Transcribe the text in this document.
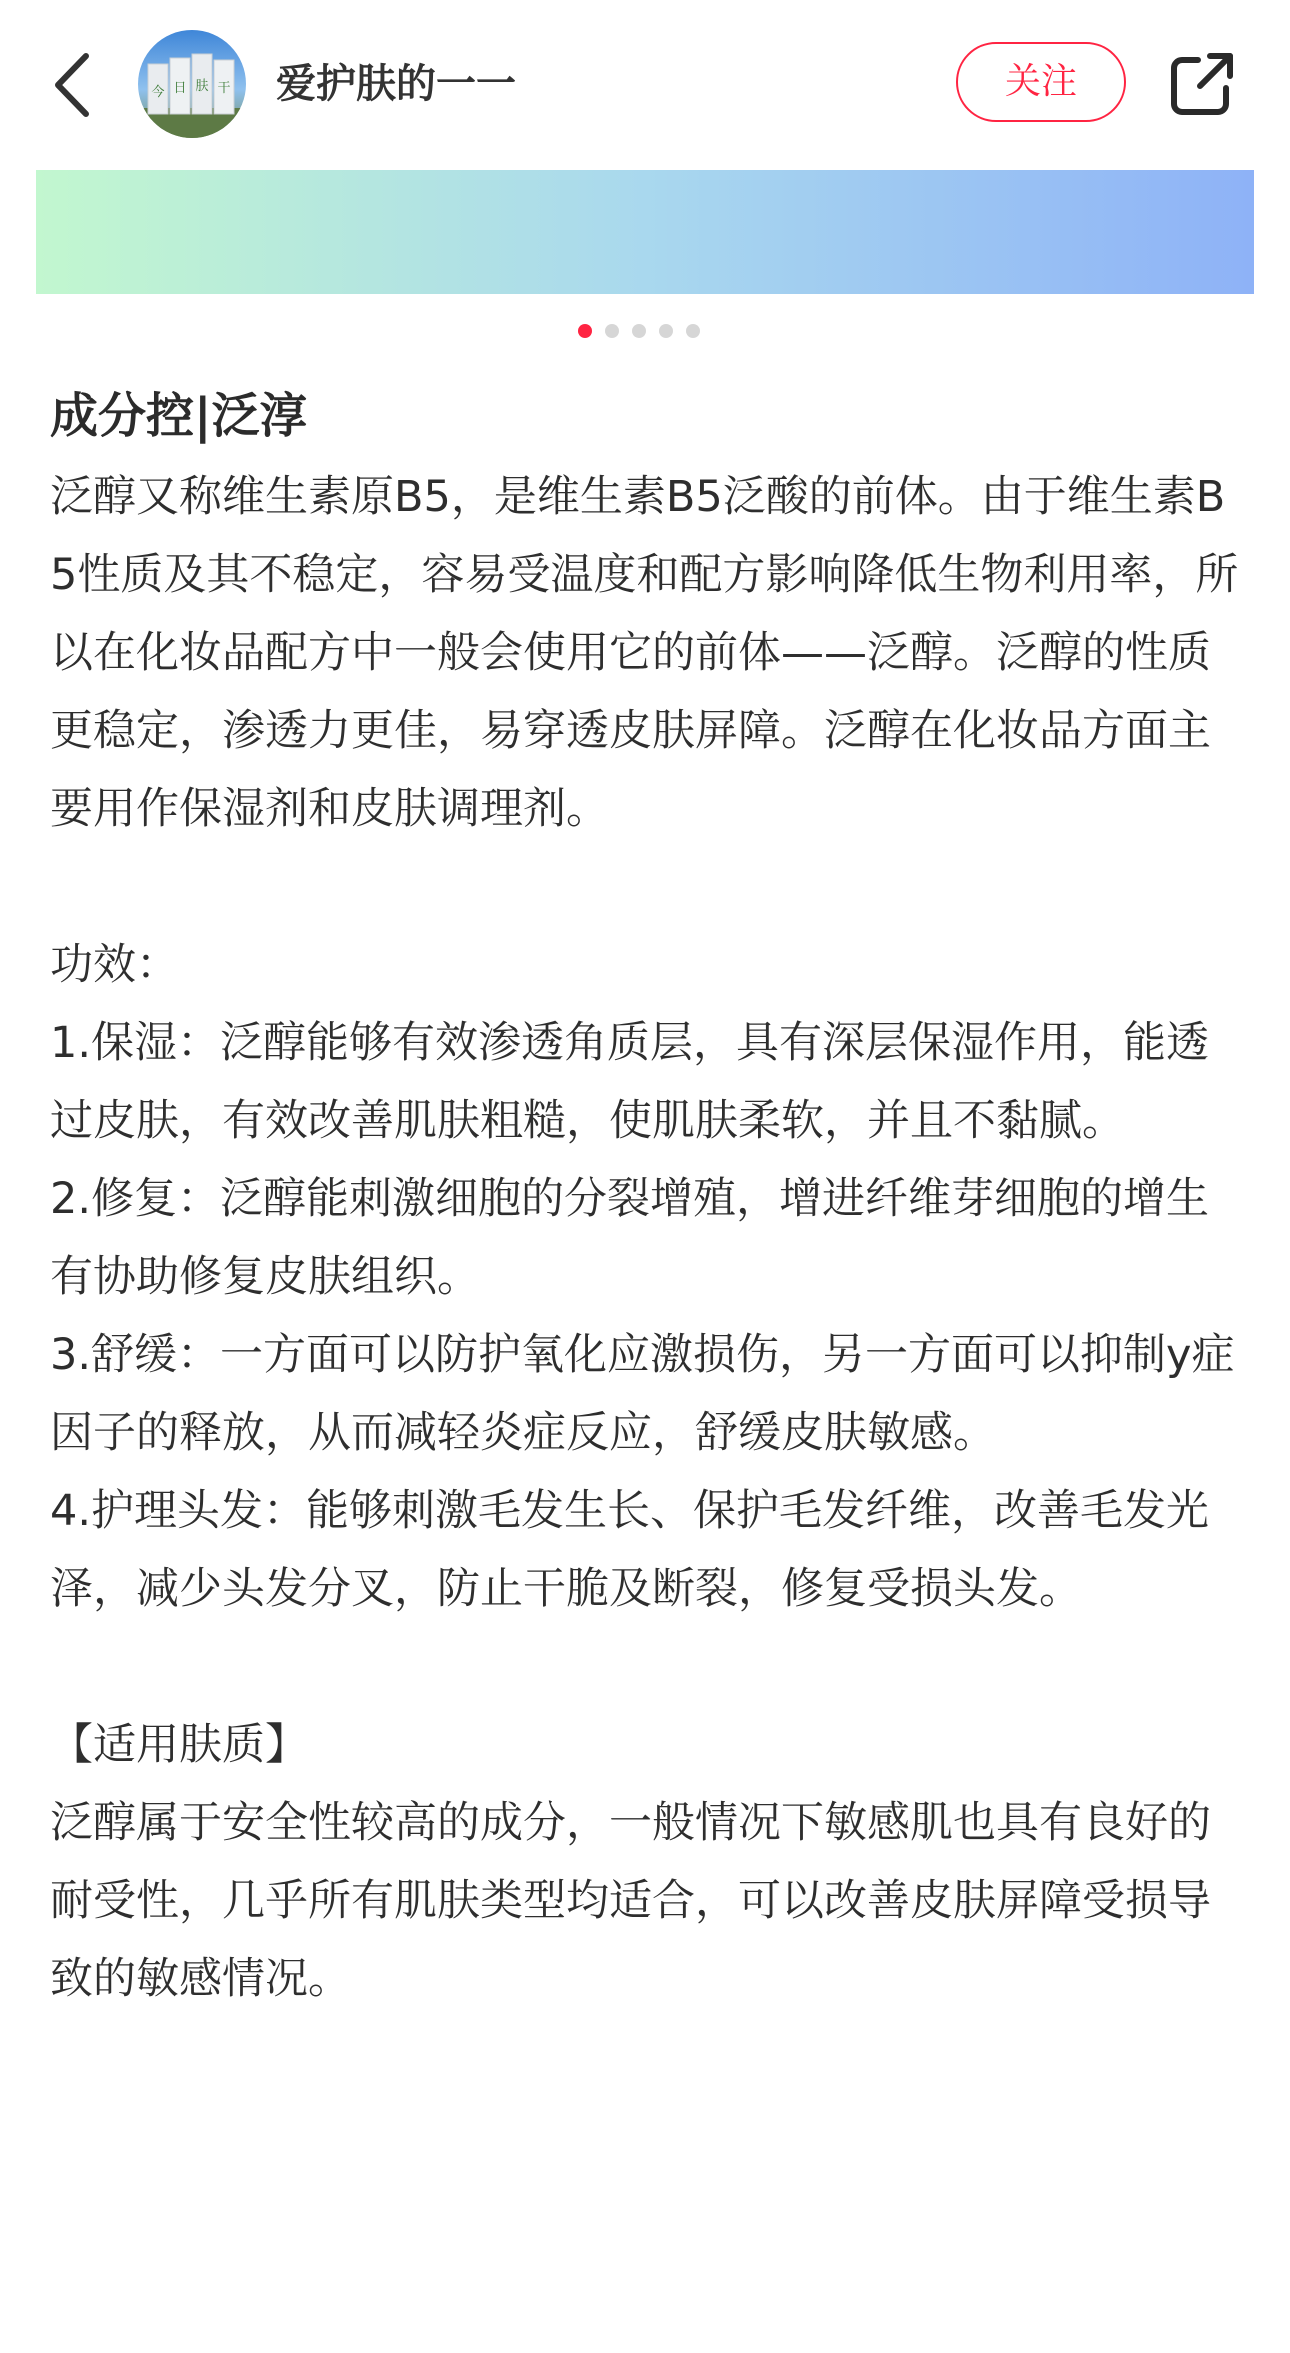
今 日 肤 干 爱护肤的一一	关注
成分控|泛淳

泛醇又称维生素原B5，是维生素B5泛酸的前体。由于维生素B5性质及其不稳定，容易受温度和配方影响降低生物利用率，所以在化妆品配方中一般会使用它的前体——泛醇。泛醇的性质更稳定，渗透力更佳，易穿透皮肤屏障。泛醇在化妆品方面主要用作保湿剂和皮肤调理剂。

功效：

1.保湿：泛醇能够有效渗透角质层，具有深层保湿作用，能透过皮肤，有效改善肌肤粗糙，使肌肤柔软，并且不黏腻。

2.修复：泛醇能刺激细胞的分裂增殖，增进纤维芽细胞的增生有协助修复皮肤组织。

3.舒缓：一方面可以防护氧化应激损伤，另一方面可以抑制y症因子的释放，从而减轻炎症反应，舒缓皮肤敏感。

4.护理头发：能够刺激毛发生长、保护毛发纤维，改善毛发光泽，减少头发分叉，防止干脆及断裂，修复受损头发。

【适用肤质】

泛醇属于安全性较高的成分，一般情况下敏感肌也具有良好的耐受性，几乎所有肌肤类型均适合，可以改善皮肤屏障受损导致的敏感情况。
